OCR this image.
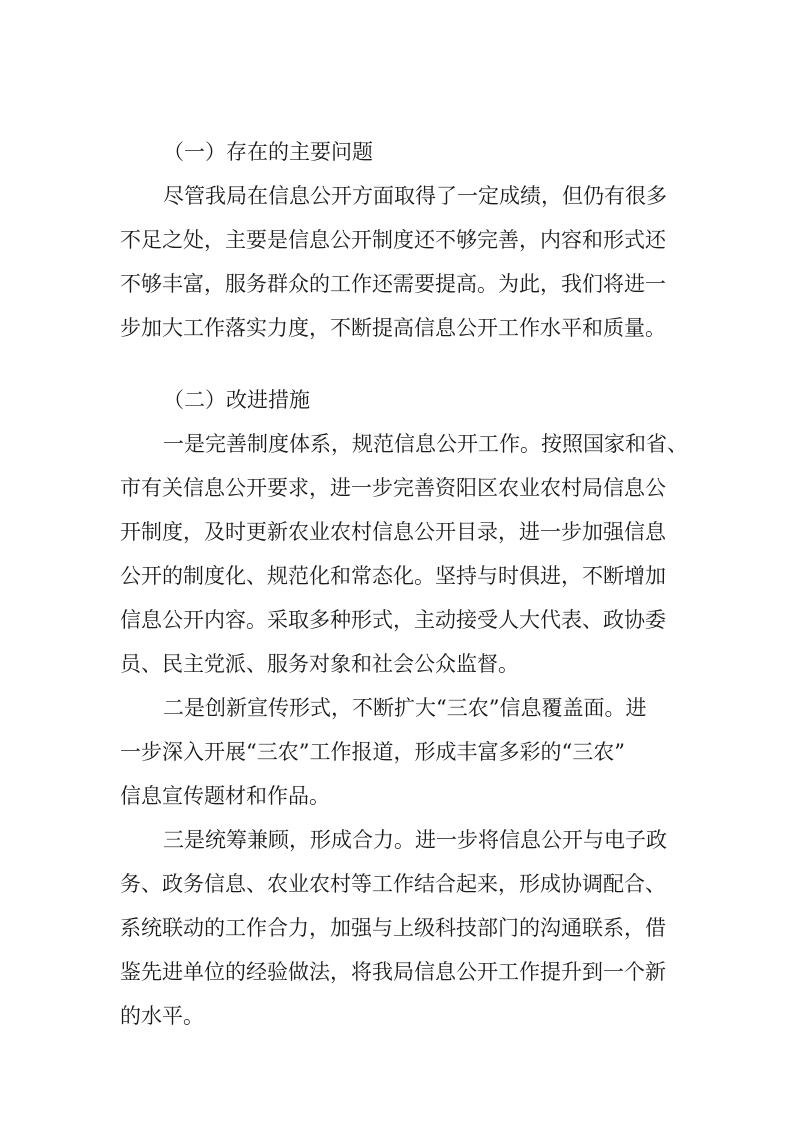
（一）存在的主要问题

尽管我局在信息公开方面取得了一定成绩，但仍有很多

不足之处，主要是信息公开制度还不够完善，内容和形式还

不够丰富，服务群众的工作还需要提高。为此，我们将进一

步加大工作落实力度，不断提高信息公开工作水平和质量。

（二）改进措施

一是完善制度体系，规范信息公开工作。按照国家和省、

市有关信息公开要求，进一步完善资阳区农业农村局信息公

开制度，及时更新农业农村信息公开目录，进一步加强信息

公开的制度化、规范化和常态化。坚持与时俱进，不断增加

信息公开内容。采取多种形式，主动接受人大代表、政协委

员、民主党派、服务对象和社会公众监督。

二是创新宣传形式，不断扩大“三农”信息覆盖面。进

一步深入开展“三农”工作报道，形成丰富多彩的“三农”

信息宣传题材和作品。

三是统筹兼顾，形成合力。进一步将信息公开与电子政

务、政务信息、农业农村等工作结合起来，形成协调配合、

系统联动的工作合力，加强与上级科技部门的沟通联系，借

鉴先进单位的经验做法，将我局信息公开工作提升到一个新

的水平。
